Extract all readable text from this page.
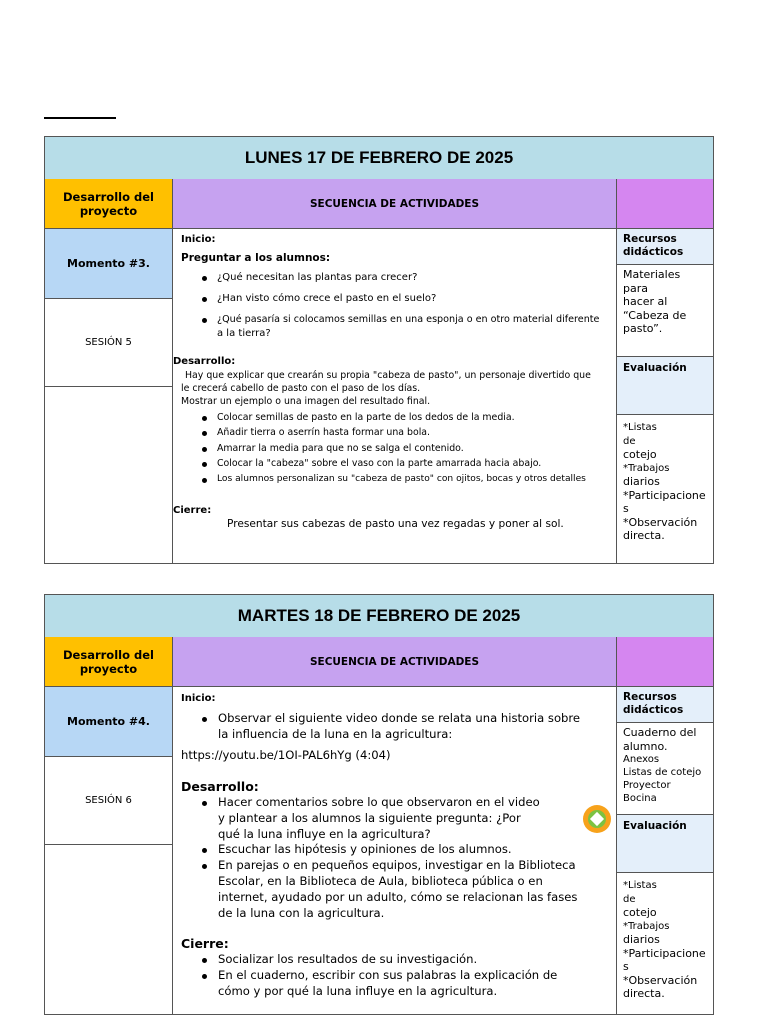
LUNES 17 DE FEBRERO DE 2025
Desarrollo del proyecto	SECUENCIA DE ACTIVIDADES
Momento #3.
SESIÓN 5
Inicio:
Preguntar a los alumnos:
¿Qué necesitan las plantas para crecer?
¿Han visto cómo crece el pasto en el suelo?
¿Qué pasaría si colocamos semillas en una esponja o en otro material diferente
a la tierra?
Desarrollo:
Hay que explicar que crearán su propia "cabeza de pasto", un personaje divertido que
le crecerá cabello de pasto con el paso de los días.
Mostrar un ejemplo o una imagen del resultado final.
Colocar semillas de pasto en la parte de los dedos de la media.
Añadir tierra o aserrín hasta formar una bola.
Amarrar la media para que no se salga el contenido.
Colocar la "cabeza" sobre el vaso con la parte amarrada hacia abajo.
Los alumnos personalizan su "cabeza de pasto" con ojitos, bocas y otros detalles
Cierre:
Presentar sus cabezas de pasto una vez regadas y poner al sol.
Recursos didácticos
Materiales para
hacer al
“Cabeza de
pasto”.
Evaluación
*Listas
de
cotejo
*Trabajos
diarios
*Participacione
s
*Observación
directa.
MARTES 18 DE FEBRERO DE 2025
Desarrollo del proyecto	SECUENCIA DE ACTIVIDADES
Momento #4.
SESIÓN 6
Inicio:
Observar el siguiente video donde se relata una historia sobre
la influencia de la luna en la agricultura:
https://youtu.be/1OI-PAL6hYg (4:04)
Desarrollo:
Hacer comentarios sobre lo que observaron en el video
y plantear a los alumnos la siguiente pregunta: ¿Por
qué la luna influye en la agricultura?
Escuchar las hipótesis y opiniones de los alumnos.
En parejas o en pequeños equipos, investigar en la Biblioteca
Escolar, en la Biblioteca de Aula, biblioteca pública o en
internet, ayudado por un adulto, cómo se relacionan las fases
de la luna con la agricultura.
Cierre:
Socializar los resultados de su investigación.
En el cuaderno, escribir con sus palabras la explicación de
cómo y por qué la luna influye en la agricultura.
Recursos didácticos
Cuaderno del
alumno.
Anexos
Listas de cotejo
Proyector
Bocina
Evaluación
*Listas
de
cotejo
*Trabajos
diarios
*Participacione
s
*Observación
directa.
